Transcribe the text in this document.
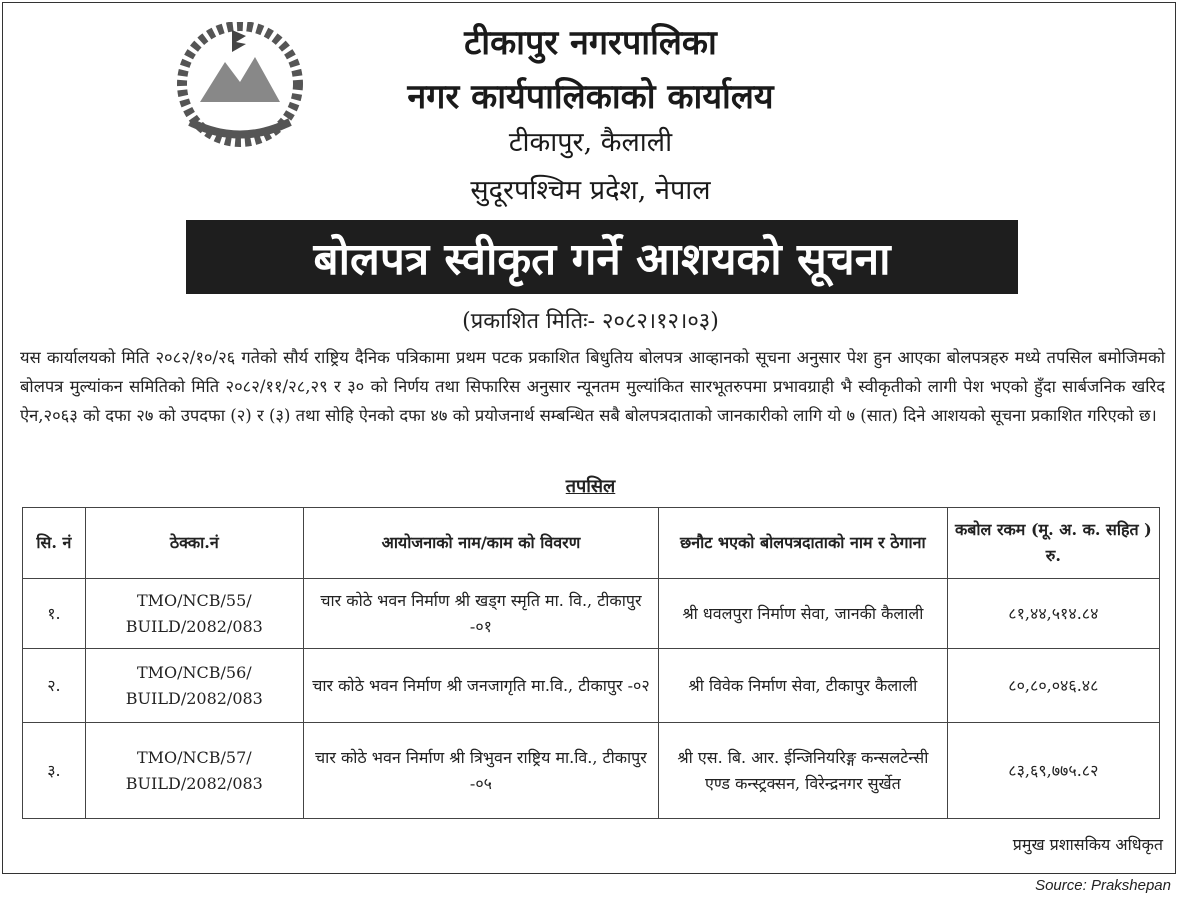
टीकापुर नगरपालिका
नगर कार्यपालिकाको कार्यालय
टीकापुर, कैलाली
सुदूरपश्चिम प्रदेश, नेपाल
बोलपत्र स्वीकृत गर्ने आशयको सूचना
(प्रकाशित मितिः- २०८२।१२।०३)
यस कार्यालयको मिति २०८२/१०/२६ गतेको सौर्य राष्ट्रिय दैनिक पत्रिकामा प्रथम पटक प्रकाशित बिधुतिय बोलपत्र आव्हानको सूचना अनुसार पेश हुन आएका बोलपत्रहरु मध्ये तपसिल बमोजिमको बोलपत्र मुल्यांकन समितिको मिति २०८२/११/२८,२९ र ३० को निर्णय तथा सिफारिस अनुसार न्यूनतम मुल्यांकित सारभूतरुपमा प्रभावग्राही भै स्वीकृतीको लागी पेश भएको हुँदा सार्बजनिक खरिद ऐन,२०६३ को दफा २७ को उपदफा (२) र (३) तथा सोहि ऐनको दफा ४७ को प्रयोजनार्थ सम्बन्धित सबै बोलपत्रदाताको जानकारीको लागि यो ७ (सात) दिने आशयको सूचना प्रकाशित गरिएको छ।
तपसिल
सि. नं	ठेक्का.नं	आयोजनाको नाम/काम को विवरण	छनौट भएको बोलपत्रदाताको नाम र ठेगाना	कबोल रकम (मू. अ. क. सहित ) रु.
१.	TMO/NCB/55/ BUILD/2082/083	चार कोठे भवन निर्माण श्री खड्ग स्मृति मा. वि., टीकापुर -०१	श्री धवलपुरा निर्माण सेवा, जानकी कैलाली	८१,४४,५१४.८४
२.	TMO/NCB/56/ BUILD/2082/083	चार कोठे भवन निर्माण श्री जनजागृति मा.वि., टीकापुर -०२	श्री विवेक निर्माण सेवा, टीकापुर कैलाली	८०,८०,०४६.४८
३.	TMO/NCB/57/ BUILD/2082/083	चार कोठे भवन निर्माण श्री त्रिभुवन राष्ट्रिय मा.वि., टीकापुर -०५	श्री एस. बि. आर. ईन्जिनियरिङ्ग कन्सलटेन्सी एण्ड कन्स्ट्रक्सन, विरेन्द्रनगर सुर्खेत	८३,६९,७७५.८२
प्रमुख प्रशासकिय अधिकृत
Source: Prakshepan
